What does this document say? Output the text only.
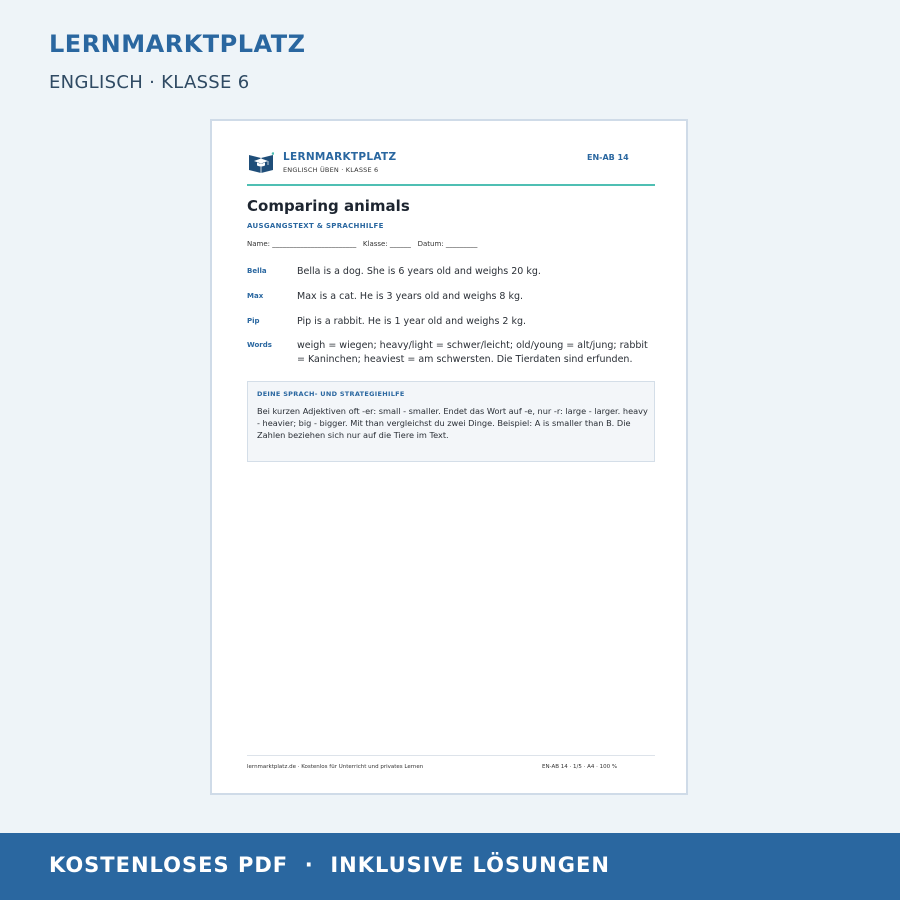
LERNMARKTPLATZ
ENGLISCH · KLASSE 6
LERNMARKTPLATZ
ENGLISCH ÜBEN · KLASSE 6
EN-AB 14
Comparing animals
AUSGANGSTEXT & SPRACHHILFE
Name: ________________________   Klasse: ______   Datum: _________
Bella	Bella is a dog. She is 6 years old and weighs 20 kg.
Max	Max is a cat. He is 3 years old and weighs 8 kg.
Pip	Pip is a rabbit. He is 1 year old and weighs 2 kg.
Words	weigh = wiegen; heavy/light = schwer/leicht; old/young = alt/jung; rabbit = Kaninchen; heaviest = am schwersten. Die Tierdaten sind erfunden.
DEINE SPRACH- UND STRATEGIEHILFE
Bei kurzen Adjektiven oft -er: small - smaller. Endet das Wort auf -e, nur -r: large - larger. heavy - heavier; big - bigger. Mit than vergleichst du zwei Dinge. Beispiel: A is smaller than B. Die Zahlen beziehen sich nur auf die Tiere im Text.
lernmarktplatz.de · Kostenlos für Unterricht und privates Lernen	EN-AB 14 · 1/5 · A4 · 100 %
KOSTENLOSES PDF  ·  INKLUSIVE LÖSUNGEN
